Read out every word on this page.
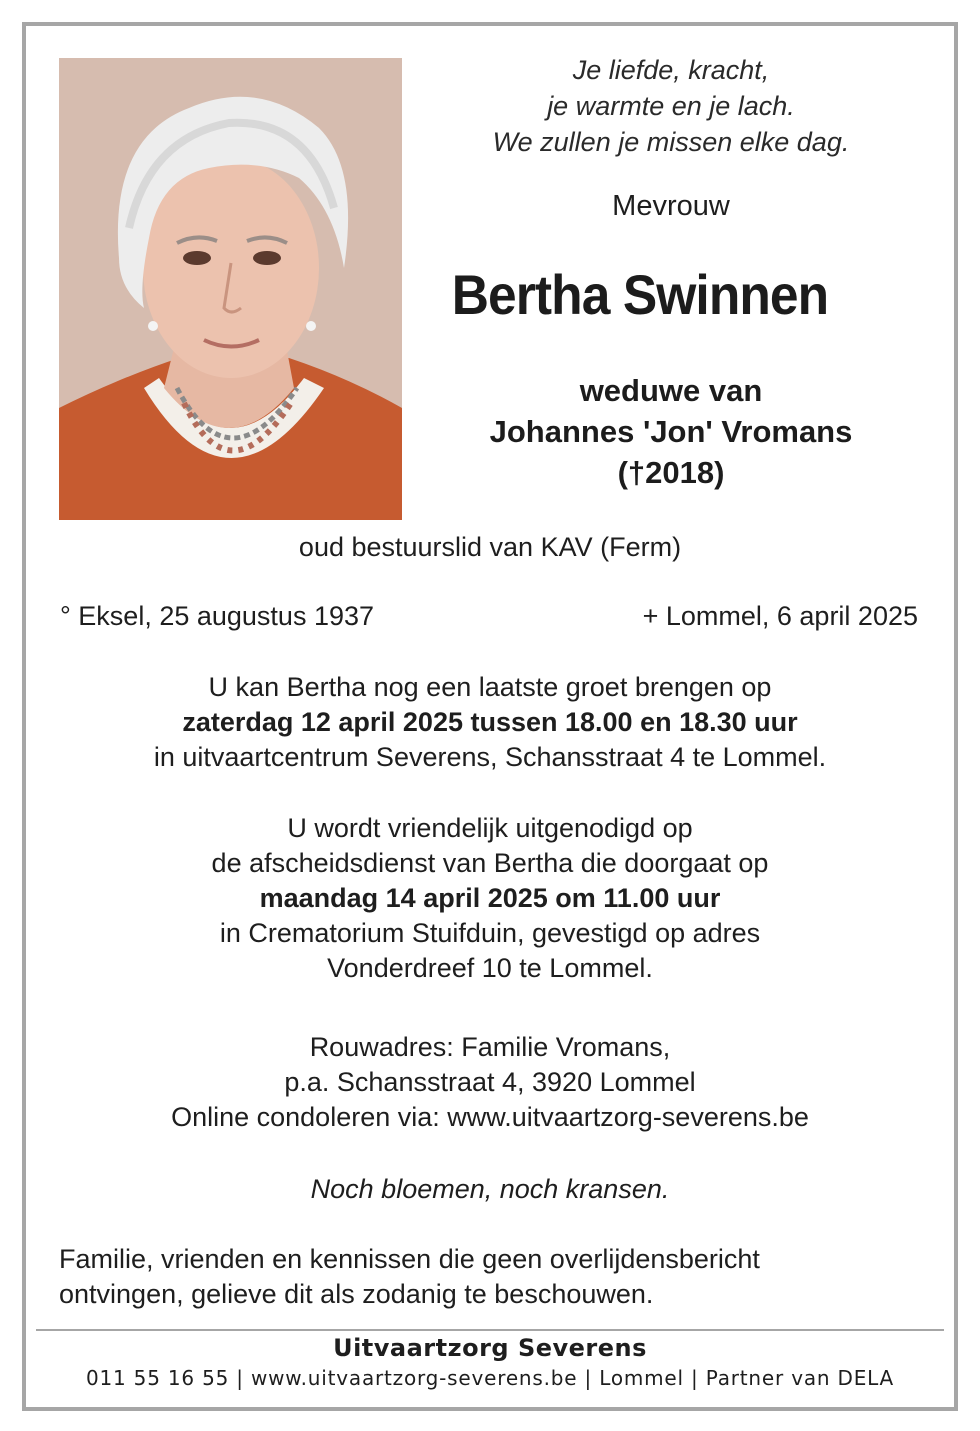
Je liefde, kracht,
je warmte en je lach.
We zullen je missen elke dag.
Mevrouw
Bertha Swinnen
weduwe van
Johannes 'Jon' Vromans
(†2018)
oud bestuurslid van KAV (Ferm)
° Eksel, 25 augustus 1937	+ Lommel, 6 april 2025
U kan Bertha nog een laatste groet brengen op
zaterdag 12 april 2025 tussen 18.00 en 18.30 uur
in uitvaartcentrum Severens, Schansstraat 4 te Lommel.
U wordt vriendelijk uitgenodigd op
de afscheidsdienst van Bertha die doorgaat op
maandag 14 april 2025 om 11.00 uur
in Crematorium Stuifduin, gevestigd op adres
Vonderdreef 10 te Lommel.
Rouwadres: Familie Vromans,
p.a. Schansstraat 4, 3920 Lommel
Online condoleren via: www.uitvaartzorg-severens.be
Noch bloemen, noch kransen.
Familie, vrienden en kennissen die geen overlijdensbericht
ontvingen, gelieve dit als zodanig te beschouwen.
Uitvaartzorg Severens
011 55 16 55 | www.uitvaartzorg-severens.be | Lommel | Partner van DELA
